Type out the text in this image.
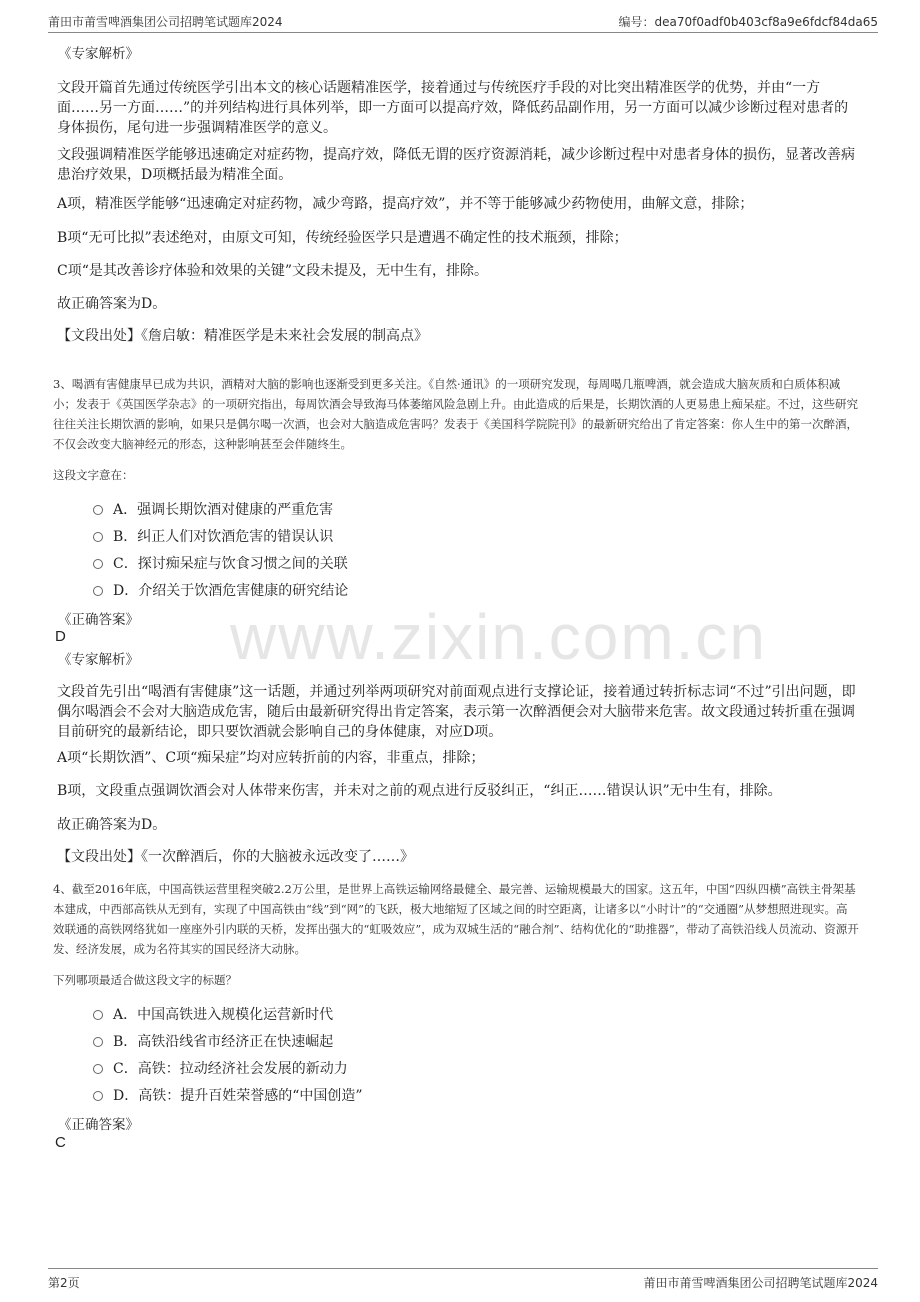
莆田市莆雪啤酒集团公司招聘笔试题库2024	编号：dea70f0adf0b403cf8a9e6fdcf84da65
www.zixin.com.cn
《专家解析》
文段开篇首先通过传统医学引出本文的核心话题精准医学，接着通过与传统医疗手段的对比突出精准医学的优势，并由“一方面……另一方面……”的并列结构进行具体列举，即一方面可以提高疗效，降低药品副作用，另一方面可以减少诊断过程对患者的身体损伤，尾句进一步强调精准医学的意义。
文段强调精准医学能够迅速确定对症药物，提高疗效，降低无谓的医疗资源消耗，减少诊断过程中对患者身体的损伤，显著改善病患治疗效果，D项概括最为精准全面。
A项，精准医学能够“迅速确定对症药物，减少弯路，提高疗效”，并不等于能够减少药物使用，曲解文意，排除；
B项“无可比拟”表述绝对，由原文可知，传统经验医学只是遭遇不确定性的技术瓶颈，排除；
C项“是其改善诊疗体验和效果的关键”文段未提及，无中生有，排除。
故正确答案为D。
【文段出处】《詹启敏：精准医学是未来社会发展的制高点》
3、喝酒有害健康早已成为共识，酒精对大脑的影响也逐渐受到更多关注。《自然·通讯》的一项研究发现，每周喝几瓶啤酒，就会造成大脑灰质和白质体积减小；发表于《英国医学杂志》的一项研究指出，每周饮酒会导致海马体萎缩风险急剧上升。由此造成的后果是，长期饮酒的人更易患上痴呆症。不过，这些研究往往关注长期饮酒的影响，如果只是偶尔喝一次酒，也会对大脑造成危害吗？发表于《美国科学院院刊》的最新研究给出了肯定答案：你人生中的第一次醉酒，不仅会改变大脑神经元的形态，这种影响甚至会伴随终生。
这段文字意在：
A．强调长期饮酒对健康的严重危害
B．纠正人们对饮酒危害的错误认识
C．探讨痴呆症与饮食习惯之间的关联
D．介绍关于饮酒危害健康的研究结论
《正确答案》
D
《专家解析》
文段首先引出“喝酒有害健康”这一话题，并通过列举两项研究对前面观点进行支撑论证，接着通过转折标志词“不过”引出问题，即偶尔喝酒会不会对大脑造成危害，随后由最新研究得出肯定答案，表示第一次醉酒便会对大脑带来危害。故文段通过转折重在强调目前研究的最新结论，即只要饮酒就会影响自己的身体健康，对应D项。
A项“长期饮酒”、C项“痴呆症”均对应转折前的内容，非重点，排除；
B项，文段重点强调饮酒会对人体带来伤害，并未对之前的观点进行反驳纠正，“纠正……错误认识”无中生有，排除。
故正确答案为D。
【文段出处】《一次醉酒后，你的大脑被永远改变了……》
4、截至2016年底，中国高铁运营里程突破2.2万公里，是世界上高铁运输网络最健全、最完善、运输规模最大的国家。这五年，中国“四纵四横”高铁主骨架基本建成，中西部高铁从无到有，实现了中国高铁由“线”到“网”的飞跃，极大地缩短了区域之间的时空距离，让诸多以“小时计”的“交通圈”从梦想照进现实。高效联通的高铁网络犹如一座座外引内联的天桥，发挥出强大的“虹吸效应”，成为双城生活的“融合剂”、结构优化的“助推器”，带动了高铁沿线人员流动、资源开发、经济发展，成为名符其实的国民经济大动脉。
下列哪项最适合做这段文字的标题？
A．中国高铁进入规模化运营新时代
B．高铁沿线省市经济正在快速崛起
C．高铁：拉动经济社会发展的新动力
D．高铁：提升百姓荣誉感的“中国创造”
《正确答案》
C
第2页	莆田市莆雪啤酒集团公司招聘笔试题库2024
